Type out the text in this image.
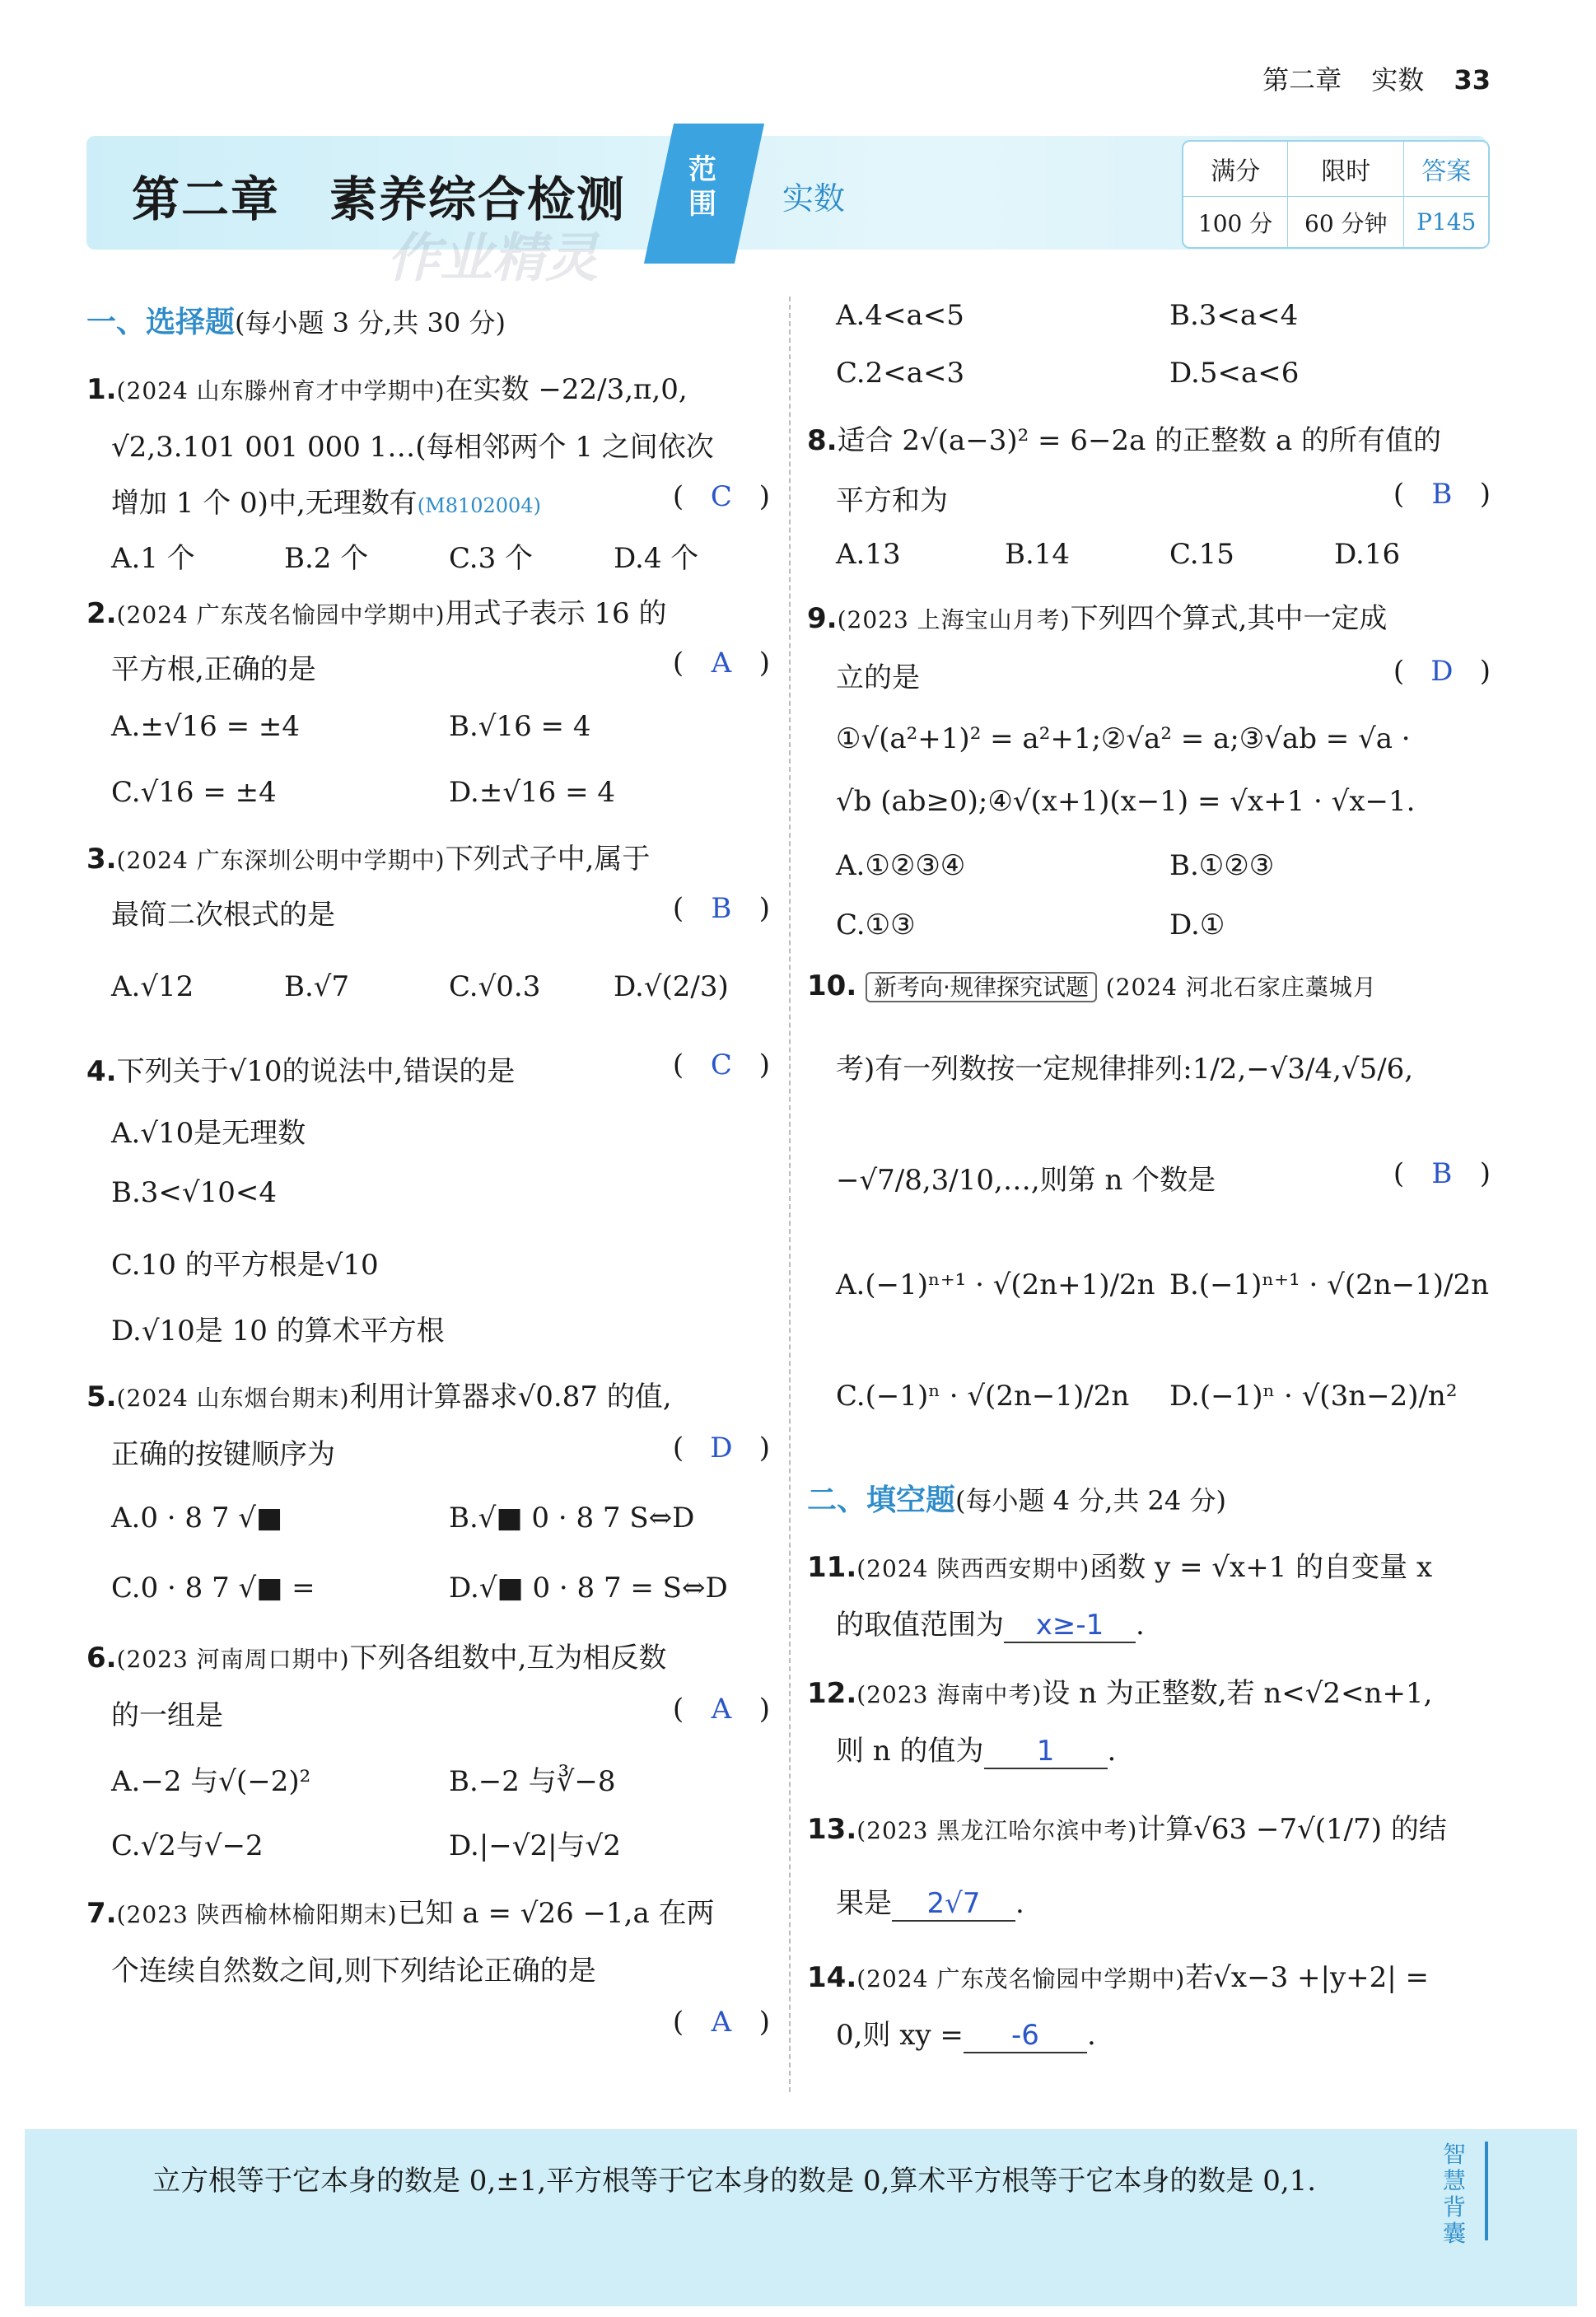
第二章 实数 33
第二章 素养综合检测
作业精灵
范围 实数
满分	限时	答案
100 分	60 分钟	P145
一、选择题(每小题 3 分,共 30 分)
1.(2024 山东滕州育才中学期中)在实数 −22/3,π,0,
√2,3.101 001 000 1…(每相邻两个 1 之间依次
增加 1 个 0)中,无理数有(M8102004)	( C )
A.1 个	B.2 个	C.3 个	D.4 个
2.(2024 广东茂名愉园中学期中)用式子表示 16 的
平方根,正确的是	( A )
A.±√16 = ±4	B.√16 = 4
C.√16 = ±4	D.±√16 = 4
3.(2024 广东深圳公明中学期中)下列式子中,属于
最简二次根式的是	( B )
A.√12	B.√7	C.√0.3	D.√(2/3)
4.下列关于√10的说法中,错误的是	( C )
A.√10是无理数
B.3<√10<4
C.10 的平方根是√10
D.√10是 10 的算术平方根
5.(2024 山东烟台期末)利用计算器求√0.87 的值,
正确的按键顺序为	( D )
A.0 · 8 7 √■	B.√■ 0 · 8 7 S⇔D
C.0 · 8 7 √■ =	D.√■ 0 · 8 7 = S⇔D
6.(2023 河南周口期中)下列各组数中,互为相反数
的一组是	( A )
A.−2 与√(−2)²	B.−2 与∛−8
C.√2与√−2	D.|−√2|与√2
7.(2023 陕西榆林榆阳期末)已知 a = √26 −1,a 在两
个连续自然数之间,则下列结论正确的是
( A )
A.4<a<5	B.3<a<4
C.2<a<3	D.5<a<6
8.适合 2√(a−3)² = 6−2a 的正整数 a 的所有值的
平方和为	( B )
A.13	B.14	C.15	D.16
9.(2023 上海宝山月考)下列四个算式,其中一定成
立的是	( D )
①√(a²+1)² = a²+1;②√a² = a;③√ab = √a ·
√b (ab≥0);④√(x+1)(x−1) = √x+1 · √x−1.
A.①②③④	B.①②③
C.①③	D.①
10. 新考向·规律探究试题 (2024 河北石家庄藁城月
考)有一列数按一定规律排列:1/2,−√3/4,√5/6,
−√7/8,3/10,…,则第 n 个数是	( B )
A.(−1)ⁿ⁺¹ · √(2n+1)/2n B.(−1)ⁿ⁺¹ · √(2n−1)/2n
C.(−1)ⁿ · √(2n−1)/2n D.(−1)ⁿ · √(3n−2)/n²
二、填空题(每小题 4 分,共 24 分)
11.(2024 陕西西安期中)函数 y = √x+1 的自变量 x
的取值范围为 x≥-1 .
12.(2023 海南中考)设 n 为正整数,若 n<√2<n+1,
则 n 的值为 1 .
13.(2023 黑龙江哈尔滨中考)计算√63 −7√(1/7) 的结
果是 2√7 .
14.(2024 广东茂名愉园中学期中)若√x−3 +|y+2| =
0,则 xy = -6 .
立方根等于它本身的数是 0,±1,平方根等于它本身的数是 0,算术平方根等于它本身的数是 0,1.
智慧背囊
